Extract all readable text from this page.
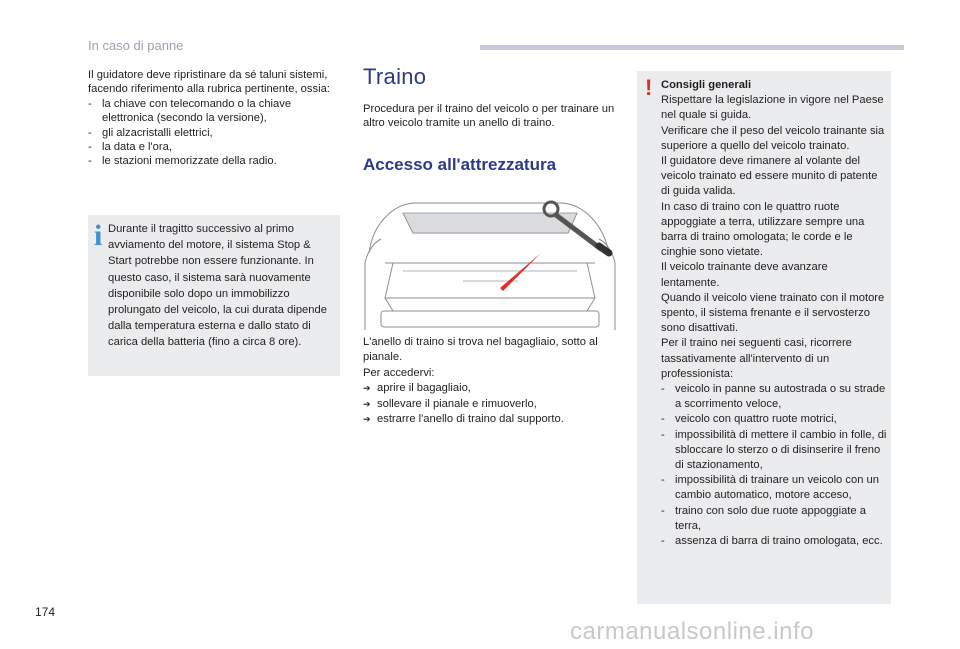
In caso di panne

Il guidatore deve ripristinare da sé taluni sistemi, facendo riferimento alla rubrica pertinente, ossia:

- la chiave con telecomando o la chiave elettronica (secondo la versione),
- gli alzacristalli elettrici,
- la data e l'ora,
- le stazioni memorizzate della radio.
i Durante il tragitto successivo al primo avviamento del motore, il sistema Stop & Start potrebbe non essere funzionante. In questo caso, il sistema sarà nuovamente disponibile solo dopo un immobilizzo prolungato del veicolo, la cui durata dipende dalla temperatura esterna e dallo stato di carica della batteria (fino a circa 8 ore).

Traino

Procedura per il traino del veicolo o per trainare un altro veicolo tramite un anello di traino.

Accesso all'attrezzatura

L'anello di traino si trova nel bagagliaio, sotto al pianale.

Per accedervi:

➔ aprire il bagagliaio,
➔ sollevare il pianale e rimuoverlo,
➔ estrarre l'anello di traino dal supporto.
! Consigli generali

Rispettare la legislazione in vigore nel Paese nel quale si guida.

Verificare che il peso del veicolo trainante sia superiore a quello del veicolo trainato.

Il guidatore deve rimanere al volante del veicolo trainato ed essere munito di patente di guida valida.

In caso di traino con le quattro ruote appoggiate a terra, utilizzare sempre una barra di traino omologata; le corde e le cinghie sono vietate.

Il veicolo trainante deve avanzare lentamente.

Quando il veicolo viene trainato con il motore spento, il sistema frenante e il servosterzo sono disattivati.

Per il traino nei seguenti casi, ricorrere tassativamente all'intervento di un professionista:

- veicolo in panne su autostrada o su strade a scorrimento veloce,
- veicolo con quattro ruote motrici,
- impossibilità di mettere il cambio in folle, di sbloccare lo sterzo o di disinserire il freno di stazionamento,
- impossibilità di trainare un veicolo con un cambio automatico, motore acceso,
- traino con solo due ruote appoggiate a terra,
- assenza di barra di traino omologata, ecc.
174
carmanualsonline.info
